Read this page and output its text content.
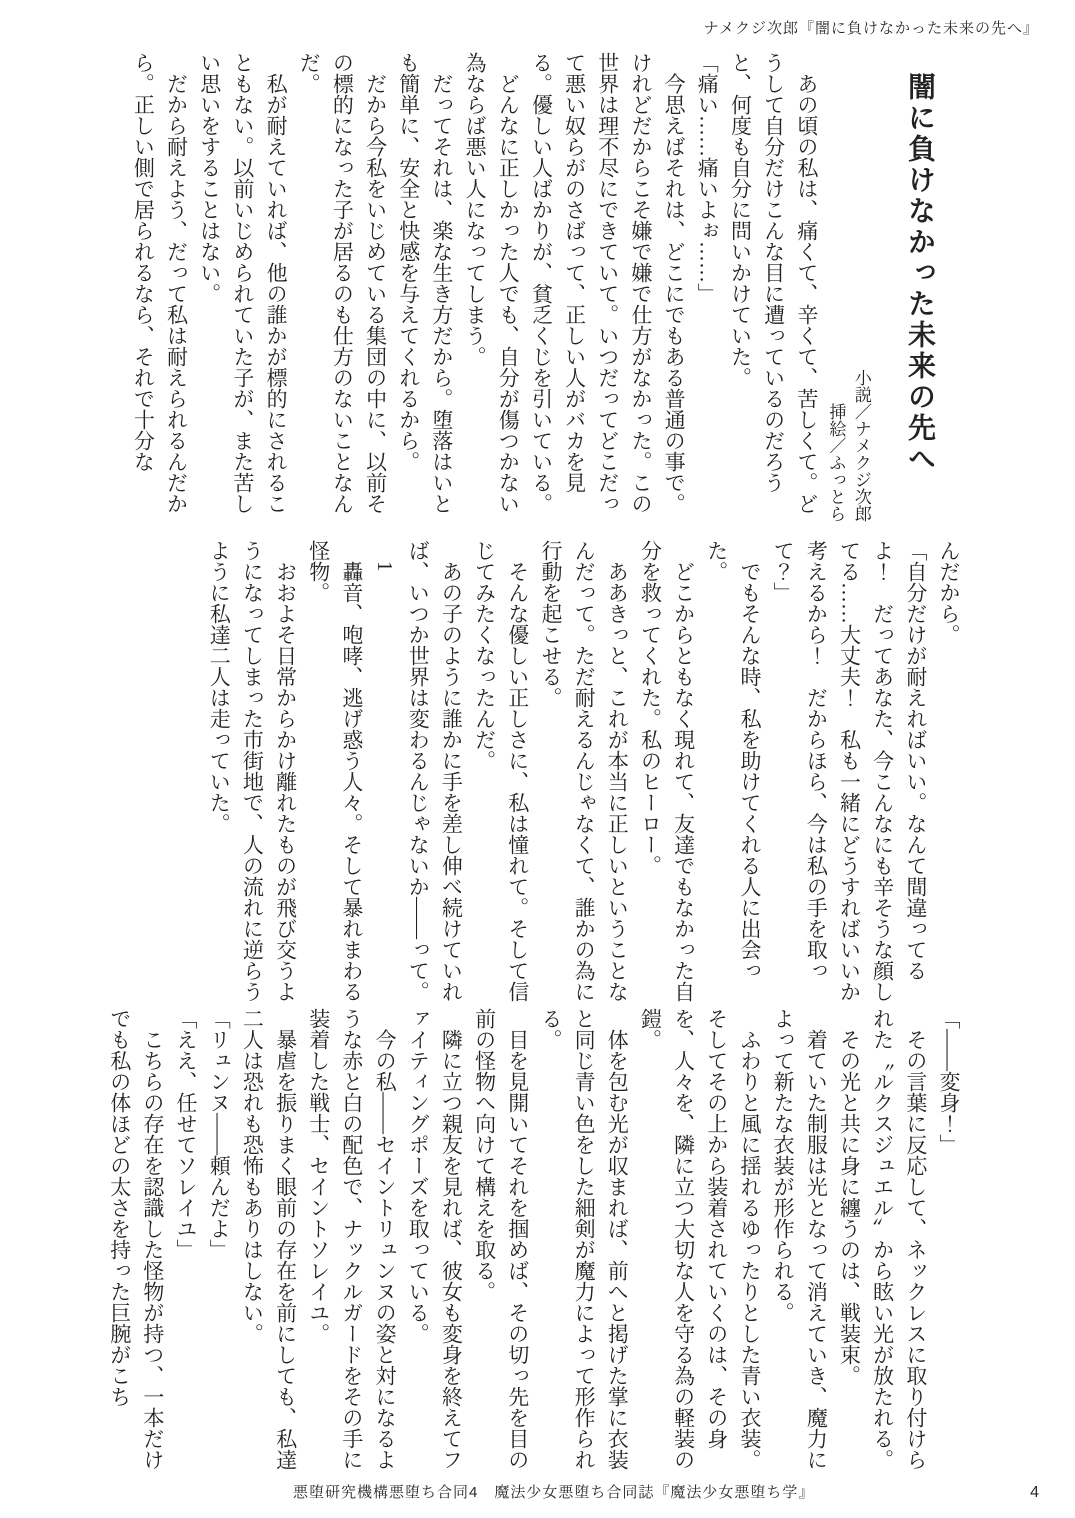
ナメクジ次郎『闇に負けなかった未来の先へ』
闇に負けなかった未来の先へ

小説／ナメクジ次郎

挿絵／ふっとら

　あの頃の私は、痛くて、辛くて、苦しくて。どうして自分だけこんな目に遭っているのだろうと、何度も自分に問いかけていた。

「痛い……痛いよぉ……」

　今思えばそれは、どこにでもある普通の事で。けれどだからこそ嫌で嫌で仕方がなかった。この世界は理不尽にできていて。いつだってどこだって悪い奴らがのさばって、正しい人がバカを見る。優しい人ばかりが、貧乏くじを引いている。

　どんなに正しかった人でも、自分が傷つかない為ならば悪い人になってしまう。

　だってそれは、楽な生き方だから。堕落はいとも簡単に、安全と快感を与えてくれるから。

　だから今私をいじめている集団の中に、以前その標的になった子が居るのも仕方のないことなんだ。

　私が耐えていれば、他の誰かが標的にされることもない。以前いじめられていた子が、また苦しい思いをすることはない。

　だから耐えよう、だって私は耐えられるんだから。正しい側で居られるなら、それで十分な

んだから。

「自分だけが耐えればいい。なんて間違ってるよ！　だってあなた、今こんなにも辛そうな顔してる……大丈夫！　私も一緒にどうすればいいか考えるから！　だからほら、今は私の手を取って？」

　でもそんな時、私を助けてくれる人に出会った。

　どこからともなく現れて、友達でもなかった自分を救ってくれた。私のヒーロー。

　ああきっと、これが本当に正しいということなんだって。ただ耐えるんじゃなくて、誰かの為に行動を起こせる。

　そんな優しい正しさに、私は憧れて。そして信じてみたくなったんだ。

　あの子のように誰かに手を差し伸べ続けていれば、いつか世界は変わるんじゃないか――って。

1

　轟音、咆哮、逃げ惑う人々。そして暴れまわる怪物。

　おおよそ日常からかけ離れたものが飛び交うようになってしまった市街地で、人の流れに逆らうように私達二人は走っていた。

「――変身！」

　その言葉に反応して、ネックレスに取り付けられた〝ルクスジュエル〟から眩い光が放たれる。

　その光と共に身に纏うのは、戦装束。

　着ていた制服は光となって消えていき、魔力によって新たな衣装が形作られる。

　ふわりと風に揺れるゆったりとした青い衣装。そしてその上から装着されていくのは、その身を、人々を、隣に立つ大切な人を守る為の軽装の鎧。

　体を包む光が収まれば、前へと掲げた掌に衣装と同じ青い色をした細剣が魔力によって形作られる。

　目を見開いてそれを掴めば、その切っ先を目の前の怪物へ向けて構えを取る。

　隣に立つ親友を見れば、彼女も変身を終えてファイティングポーズを取っている。

　今の私――セイントリュンヌの姿と対になるような赤と白の配色で、ナックルガードをその手に装着した戦士、セイントソレイユ。

　暴虐を振りまく眼前の存在を前にしても、私達二人は恐れも恐怖もありはしない。

「リュンヌ――頼んだよ」

「ええ、任せてソレイユ」

　こちらの存在を認識した怪物が持つ、一本だけでも私の体ほどの太さを持った巨腕がこち

悪堕研究機構悪堕ち合同4　魔法少女悪堕ち合同誌『魔法少女悪堕ち学』	4
